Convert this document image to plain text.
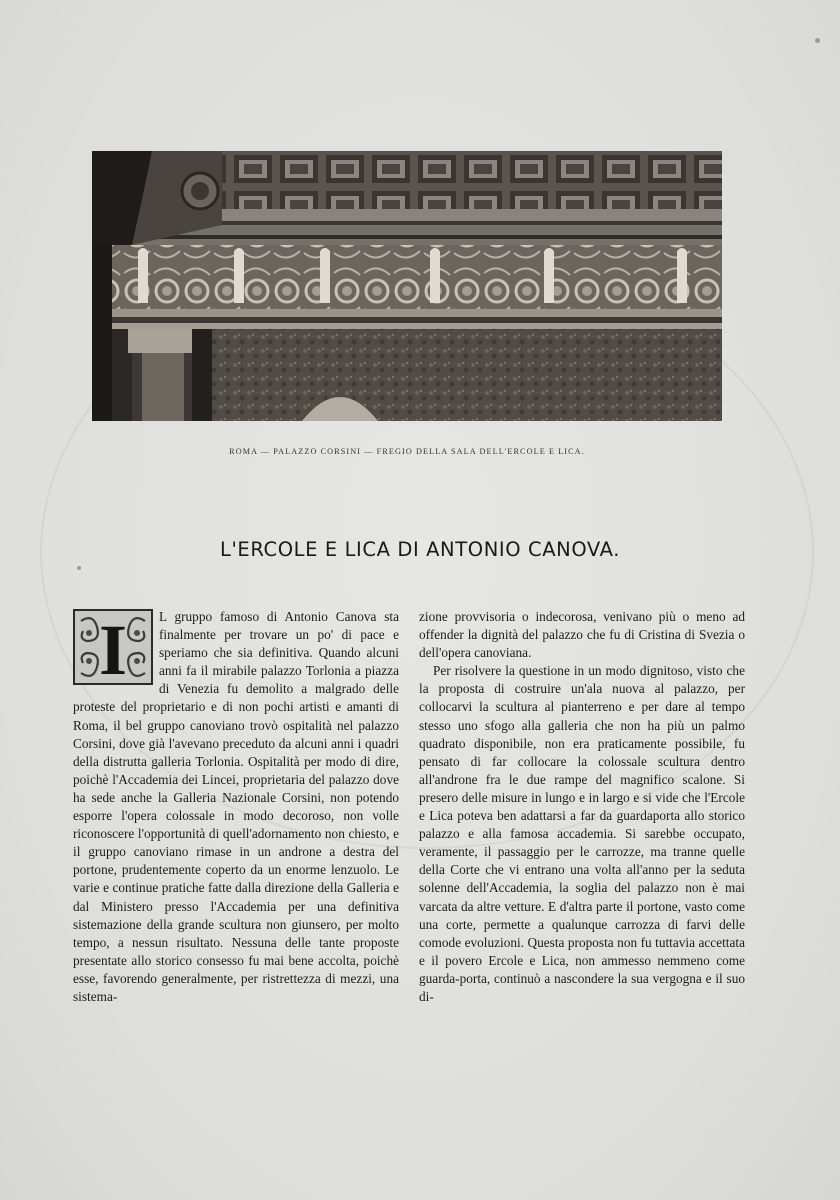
ROMA — PALAZZO CORSINI — FREGIO DELLA SALA DELL'ERCOLE E LICA.
L'ERCOLE E LICA DI ANTONIO CANOVA.
I	L gruppo famoso di Antonio Canova sta finalmente per trovare un po' di pace e speriamo che sia definitiva. Quando alcuni anni fa il mirabile palazzo Torlonia a piazza di Venezia fu demolito a malgrado delle proteste del proprietario e di non pochi artisti e amanti di Roma, il bel gruppo canoviano trovò ospitalità nel palazzo Corsini, dove già l'avevano preceduto da alcuni anni i quadri della distrutta galleria Torlonia. Ospitalità per modo di dire, poichè l'Accademia dei Lincei, proprietaria del palazzo dove ha sede anche la Galleria Nazionale Corsini, non potendo esporre l'opera colossale in modo decoroso, non volle riconoscere l'opportunità di quell'adornamento non chiesto, e il gruppo canoviano rimase in un androne a destra del portone, prudentemente coperto da un enorme lenzuolo. Le varie e continue pratiche fatte dalla direzione della Galleria e dal Ministero presso l'Accademia per una definitiva sistemazione della grande scultura non giunsero, per molto tempo, a nessun risultato. Nessuna delle tante proposte presentate allo storico consesso fu mai bene accolta, poichè esse, favorendo generalmente, per ristrettezza di mezzi, una sistema-
zione provvisoria o indecorosa, venivano più o meno ad offender la dignità del palazzo che fu di Cristina di Svezia o dell'opera canoviana.
Per risolvere la questione in un modo dignitoso, visto che la proposta di costruire un'ala nuova al palazzo, per collocarvi la scultura al pianterreno e per dare al tempo stesso uno sfogo alla galleria che non ha più un palmo quadrato disponibile, non era praticamente possibile, fu pensato di far collocare la colossale scultura dentro all'androne fra le due rampe del magnifico scalone. Si presero delle misure in lungo e in largo e si vide che l'Ercole e Lica poteva ben adattarsi a far da guardaporta allo storico palazzo e alla famosa accademia. Si sarebbe occupato, veramente, il passaggio per le carrozze, ma tranne quelle della Corte che vi entrano una volta all'anno per la seduta solenne dell'Accademia, la soglia del palazzo non è mai varcata da altre vetture. E d'altra parte il portone, vasto come una corte, permette a qualunque carrozza di farvi delle comode evoluzioni. Questa proposta non fu tuttavia accettata e il povero Ercole e Lica, non ammesso nemmeno come guarda-porta, continuò a nascondere la sua vergogna e il suo di-
